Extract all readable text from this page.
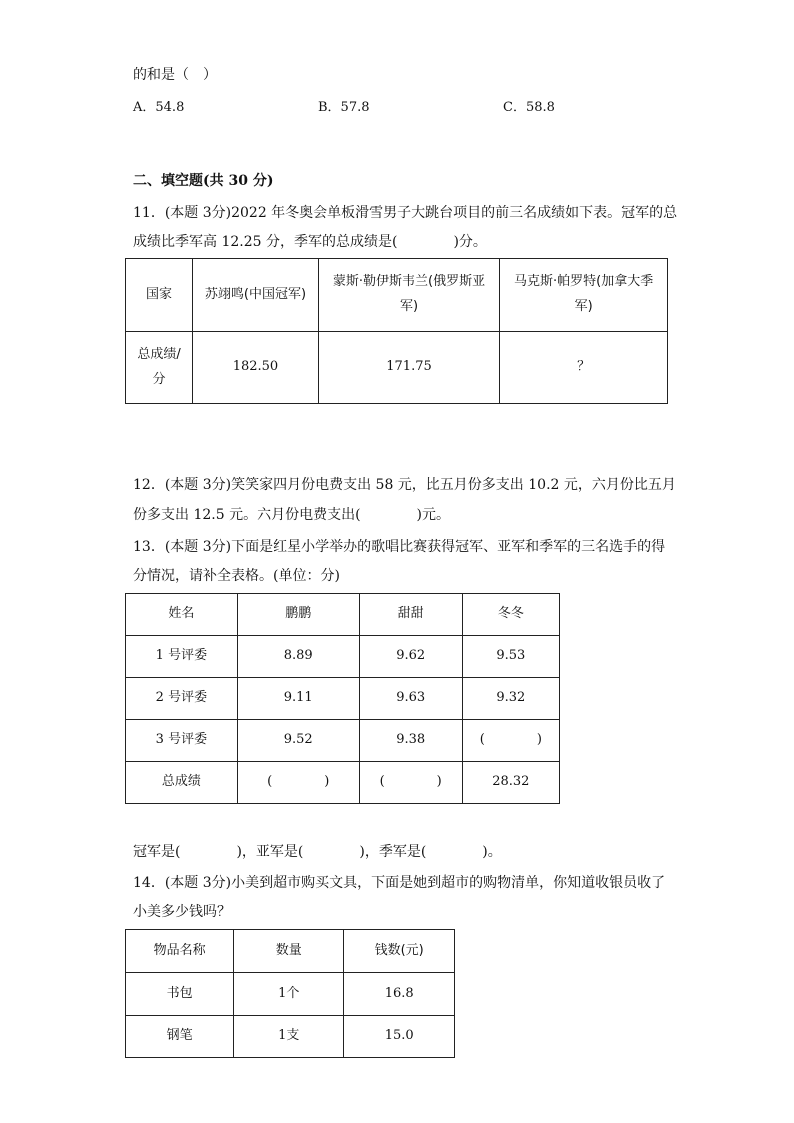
的和是（　）
A．54.8	B．57.8	C．58.8
二、填空题(共 30 分)
11．(本题 3分)2022 年冬奥会单板滑雪男子大跳台项目的前三名成绩如下表。冠军的总
成绩比季军高 12.25 分，季军的总成绩是(　　　　)分。
国家	苏翊鸣(中国冠军)	蒙斯·勒伊斯韦兰(俄罗斯亚
军)	马克斯·帕罗特(加拿大季
军)
总成绩/
分	182.50	171.75	？
12．(本题 3分)笑笑家四月份电费支出 58 元，比五月份多支出 10.2 元，六月份比五月
份多支出 12.5 元。六月份电费支出(　　　　)元。
13．(本题 3分)下面是红星小学举办的歌唱比赛获得冠军、亚军和季军的三名选手的得
分情况，请补全表格。(单位：分)
姓名	鹏鹏	甜甜	冬冬
1 号评委	8.89	9.62	9.53
2 号评委	9.11	9.63	9.32
3 号评委	9.52	9.38	(　　　　)
总成绩	(　　　　)	(　　　　)	28.32
冠军是(　　　　)，亚军是(　　　　)，季军是(　　　　)。
14．(本题 3分)小美到超市购买文具，下面是她到超市的购物清单，你知道收银员收了
小美多少钱吗？
物品名称	数量	钱数(元)
书包	1个	16.8
钢笔	1支	15.0
